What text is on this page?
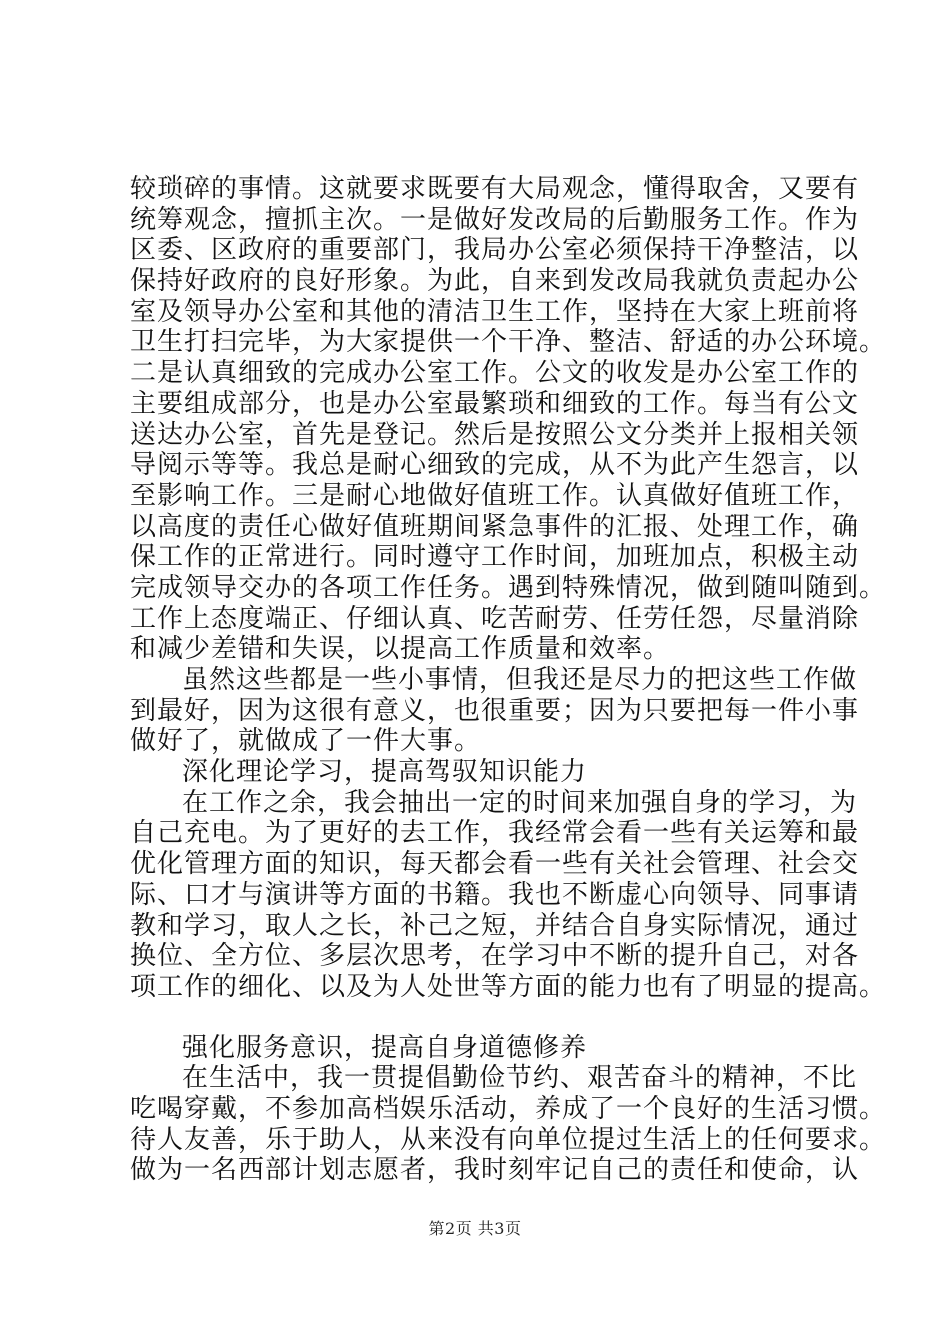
较琐碎的事情。这就要求既要有大局观念，懂得取舍，又要有
统筹观念，擅抓主次。一是做好发改局的后勤服务工作。作为
区委、区政府的重要部门，我局办公室必须保持干净整洁，以
保持好政府的良好形象。为此，自来到发改局我就负责起办公
室及领导办公室和其他的清洁卫生工作，坚持在大家上班前将
卫生打扫完毕，为大家提供一个干净、整洁、舒适的办公环境。
二是认真细致的完成办公室工作。公文的收发是办公室工作的
主要组成部分，也是办公室最繁琐和细致的工作。每当有公文
送达办公室，首先是登记。然后是按照公文分类并上报相关领
导阅示等等。我总是耐心细致的完成，从不为此产生怨言，以
至影响工作。三是耐心地做好值班工作。认真做好值班工作，
以高度的责任心做好值班期间紧急事件的汇报、处理工作，确
保工作的正常进行。同时遵守工作时间，加班加点，积极主动
完成领导交办的各项工作任务。遇到特殊情况，做到随叫随到。
工作上态度端正、仔细认真、吃苦耐劳、任劳任怨，尽量消除
和减少差错和失误，以提高工作质量和效率。
虽然这些都是一些小事情，但我还是尽力的把这些工作做
到最好，因为这很有意义，也很重要；因为只要把每一件小事
做好了，就做成了一件大事。
深化理论学习，提高驾驭知识能力
在工作之余，我会抽出一定的时间来加强自身的学习，为
自己充电。为了更好的去工作，我经常会看一些有关运筹和最
优化管理方面的知识，每天都会看一些有关社会管理、社会交
际、口才与演讲等方面的书籍。我也不断虚心向领导、同事请
教和学习，取人之长，补己之短，并结合自身实际情况，通过
换位、全方位、多层次思考，在学习中不断的提升自己，对各
项工作的细化、以及为人处世等方面的能力也有了明显的提高。
强化服务意识，提高自身道德修养
在生活中，我一贯提倡勤俭节约、艰苦奋斗的精神，不比
吃喝穿戴，不参加高档娱乐活动，养成了一个良好的生活习惯。
待人友善，乐于助人，从来没有向单位提过生活上的任何要求。
做为一名西部计划志愿者，我时刻牢记自己的责任和使命，认
第2页 共3页
